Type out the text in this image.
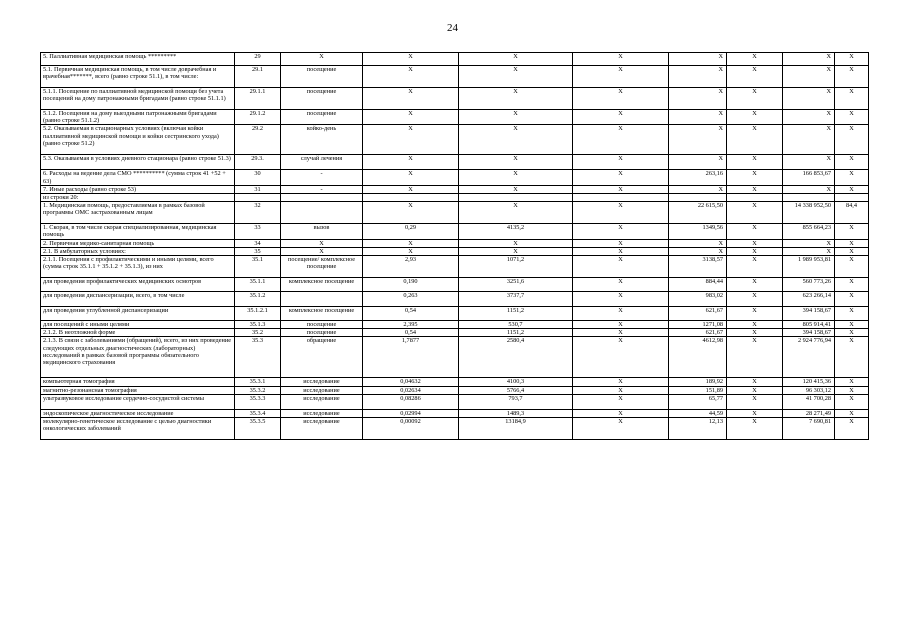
24
5. Паллиативная медицинская помощь *********	29	Х	Х	Х	Х	Х	Х	Х	Х
5.1. Первичная медицинская помощь, в том числе доврачебная и врачебная*******, всего (равно строке 51.1), в том числе:	29.1	посещение	Х	Х	Х	Х	Х	Х	Х
5.1.1. Посещение по паллиативной медицинской помощи без учета посещений на дому патронажными бригадами (равно строке 51.1.1)	29.1.1	посещение	Х	Х	Х	Х	Х	Х	Х
5.1.2. Посещения на дому выездными патронажными бригадами (равно строке 51.1.2)	29.1.2	посещение	Х	Х	Х	Х	Х	Х	Х
5.2. Оказываемая в стационарных условиях (включая койки паллиативной медицинской помощи и койки сестринского ухода) (равно строке 51.2)	29.2	койко-день	Х	Х	Х	Х	Х	Х	Х
5.3. Оказываемая в условиях дневного стационара (равно строке 51.3)	29.3.	случай лечения	Х	Х	Х	Х	Х	Х	Х
6. Расходы на ведение дела СМО ********** (сумма строк 41 +52 + 63)	30	-	Х	Х	Х	263,16	Х	166 853,67	Х
7. Иные расходы (равно строке 53)	31	-	Х	Х	Х	Х	Х	Х	Х
из строки 20:									
1. Медицинская помощь, предоставляемая в рамках базовой программы ОМС застрахованным лицам	32		Х	Х	Х	22 615,50	Х	14 338 952,50	84,4
1. Скорая, в том числе скорая специализированная, медицинская помощь	33	вызов	0,29	4135,2	Х	1349,56	Х	855 664,23	Х
2. Первичная медико-санитарная помощь	34	Х	Х	Х	Х	Х	Х	Х	Х
2.1. В амбулаторных условиях:	35	Х	Х	Х	Х	Х	Х	Х	Х
2.1.1. Посещения с профилактическими и иными целями, всего (сумма строк 35.1.1 + 35.1.2 + 35.1.3), из них	35.1	посещение/ комплексное посещение	2,93	1071,2	Х	3138,57	Х	1 989 953,81	Х
для проведения профилактических медицинских осмотров	35.1.1	комплексное посещение	0,190	3251,6	Х	884,44	Х	560 773,26	Х
для проведения диспансеризации, всего, в том числе	35.1.2		0,263	3737,7	Х	983,02	Х	623 266,14	Х
для проведения углубленной диспансеризации	35.1.2.1	комплексное посещение	0,54	1151,2	Х	621,67	Х	394 158,67	Х
для посещений с иными целями	35.1.3	посещение	2,395	530,7	Х	1271,08	Х	805 914,41	Х
2.1.2. В неотложной форме	35.2	посещение	0,54	1151,2	Х	621,67	Х	394 158,67	Х
2.1.3. В связи с заболеваниями (обращений), всего, из них проведение следующих отдельных диагностических (лабораторных) исследований в рамках базовой программы обязательного медицинского страхования	35.3	обращение	1,7877	2580,4	Х	4612,98	Х	2 924 776,94	Х
компьютерная томография	35.3.1	исследование	0,04632	4100,3	Х	189,92	Х	120 415,36	Х
магнитно-резонансная томография	35.3.2	исследование	0,02634	5766,4	Х	151,89	Х	96 303,12	Х
ультразвуковое исследование сердечно-сосудистой системы	35.3.3	исследование	0,08286	793,7	Х	65,77	Х	41 700,28	Х
эндоскопическое диагностическое исследование	35.3.4	исследование	0,02994	1489,3	Х	44,59	Х	28 271,49	Х
молекулярно-генетическое исследование с целью диагностики онкологических заболеваний	35.3.5	исследование	0,00092	13184,9	Х	12,13	Х	7 690,81	Х
